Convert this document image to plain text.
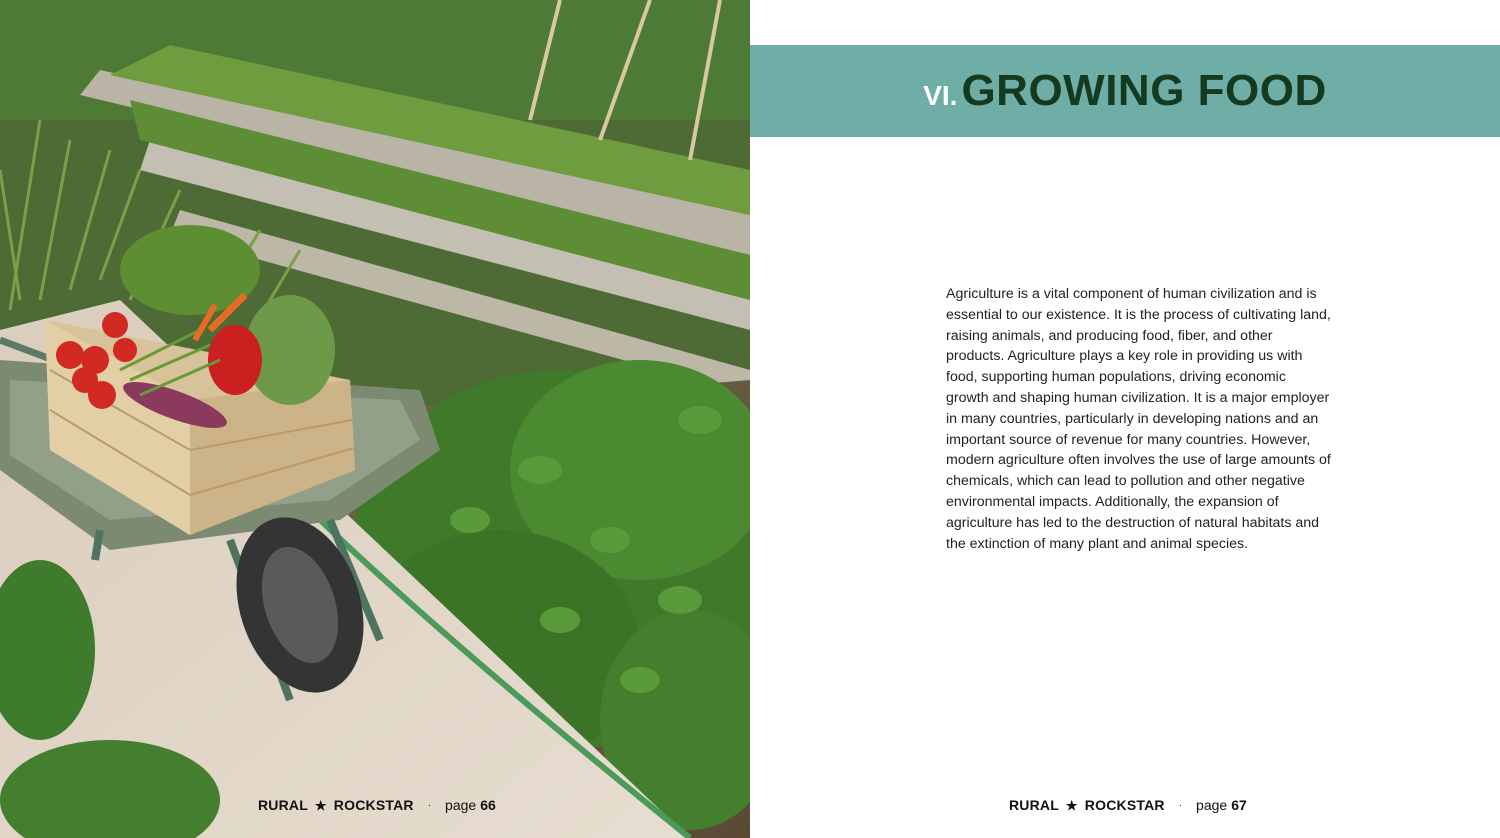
RURAL ★ ROCKSTAR · page 66
VI. GROWING FOOD
Agriculture is a vital component of human civilization and is essential to our existence. It is the process of cultivating land, raising animals, and producing food, fiber, and other products. Agriculture plays a key role in providing us with food, supporting human populations, driving economic growth and shaping human civilization. It is a major employer in many countries, particularly in developing nations and an important source of revenue for many countries. However, modern agriculture often involves the use of large amounts of chemicals, which can lead to pollution and other negative environmental impacts. Additionally, the expansion of agriculture has led to the destruction of natural habitats and the extinction of many plant and animal species.
RURAL ★ ROCKSTAR · page 67
